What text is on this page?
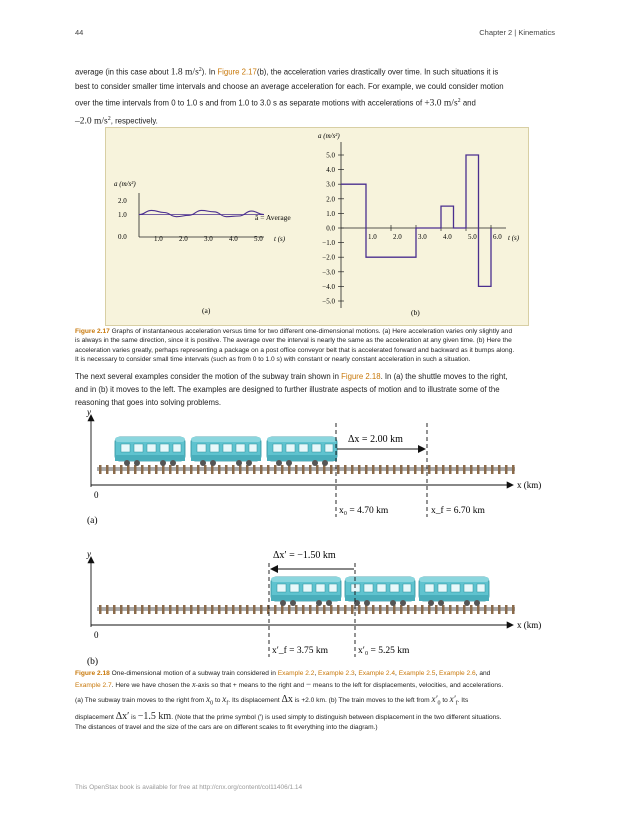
44	Chapter 2 | Kinematics
average (in this case about 1.8 $m/s^2$). In Figure 2.17(b), the acceleration varies drastically over time. In such situations it is
best to consider smaller time intervals and choose an average acceleration for each. For example, we could consider motion
over the time intervals from 0 to 1.0 s and from 1.0 to 3.0 s as separate motions with accelerations of +3.0 $m/s^2$ and
–2.0 $m/s^2$, respectively.
a (m/s²)
2.0
1.0
0.0	1.0 2.0 3.0 4.0 5.0 t (s)
ā = Average
(a)
a (m/s²)
5.0
4.0
3.0
2.0
1.0
0.0
−1.0
−2.0
−3.0
−4.0
−5.0
1.0 2.0 3.0 4.0 5.0 6.0 t (s)
(b)
Figure 2.17 Graphs of instantaneous acceleration versus time for two different one-dimensional motions. (a) Here acceleration varies only slightly and
is always in the same direction, since it is positive. The average over the interval is nearly the same as the acceleration at any given time. (b) Here the
acceleration varies greatly, perhaps representing a package on a post office conveyor belt that is accelerated forward and backward as it bumps along.
It is necessary to consider small time intervals (such as from 0 to 1.0 s) with constant or nearly constant acceleration in such a situation.
The next several examples consider the motion of the subway train shown in Figure 2.18. In (a) the shuttle moves to the right,
and in (b) it moves to the left. The examples are designed to further illustrate aspects of motion and to illustrate some of the
reasoning that goes into solving problems.
y
x (km)
0
Δx = 2.00 km
x₀ = 4.70 km	x_f = 6.70 km
(a)
y
x (km)
0
Δx′ = −1.50 km
x′_f = 3.75 km	x′₀ = 5.25 km
(b)
Figure 2.18 One-dimensional motion of a subway train considered in Example 2.2, Example 2.3, Example 2.4, Example 2.5, Example 2.6, and
Example 2.7. Here we have chosen the x-axis so that + means to the right and − means to the left for displacements, velocities, and accelerations.
(a) The subway train moves to the right from $x_0$ to $x_f$. Its displacement Δx is +2.0 km. (b) The train moves to the left from $x'_0$ to $x'_f$. Its
displacement Δx′ is −1.5 km. (Note that the prime symbol (′) is used simply to distinguish between displacement in the two different situations.
The distances of travel and the size of the cars are on different scales to fit everything into the diagram.)
This OpenStax book is available for free at http://cnx.org/content/col11406/1.14
